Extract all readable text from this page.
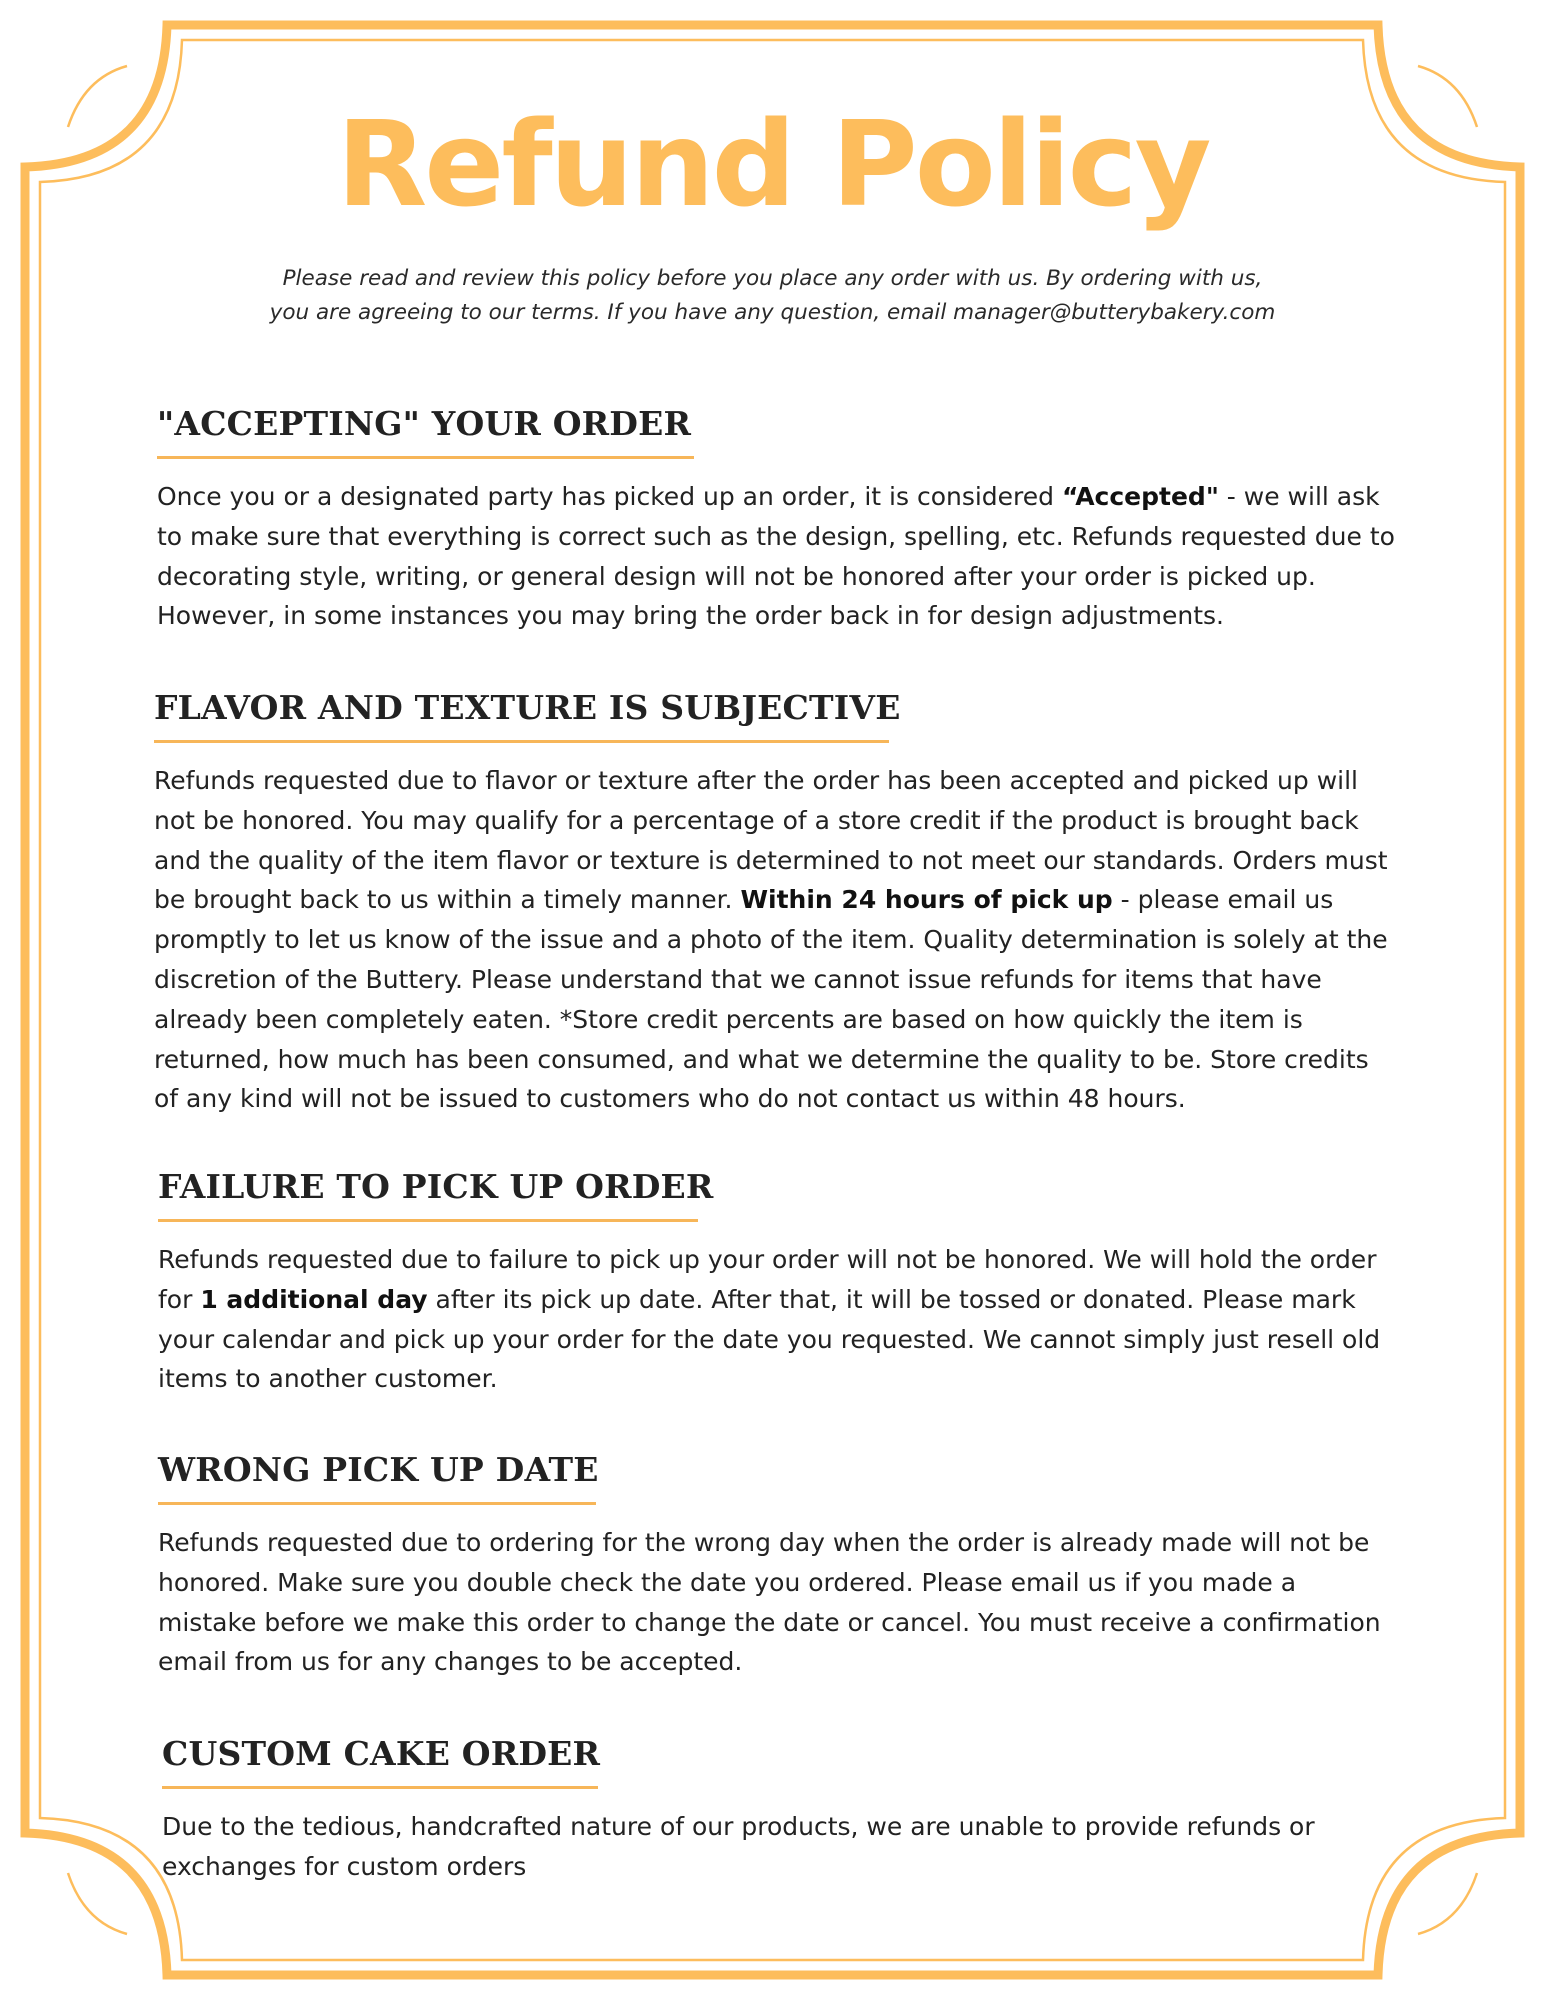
Refund Policy
Please read and review this policy before you place any order with us. By ordering with us,
you are agreeing to our terms. If you have any question, email manager@butterybakery.com
"ACCEPTING" YOUR ORDER

Once you or a designated party has picked up an order, it is considered “Accepted" - we will ask
to make sure that everything is correct such as the design, spelling, etc. Refunds requested due to
decorating style, writing, or general design will not be honored after your order is picked up.
However, in some instances you may bring the order back in for design adjustments.

FLAVOR AND TEXTURE IS SUBJECTIVE

Refunds requested due to flavor or texture after the order has been accepted and picked up will
not be honored. You may qualify for a percentage of a store credit if the product is brought back
and the quality of the item flavor or texture is determined to not meet our standards. Orders must
be brought back to us within a timely manner. Within 24 hours of pick up - please email us
promptly to let us know of the issue and a photo of the item. Quality determination is solely at the
discretion of the Buttery. Please understand that we cannot issue refunds for items that have
already been completely eaten. *Store credit percents are based on how quickly the item is
returned, how much has been consumed, and what we determine the quality to be. Store credits
of any kind will not be issued to customers who do not contact us within 48 hours.

FAILURE TO PICK UP ORDER

Refunds requested due to failure to pick up your order will not be honored. We will hold the order
for 1 additional day after its pick up date. After that, it will be tossed or donated. Please mark
your calendar and pick up your order for the date you requested. We cannot simply just resell old
items to another customer.

WRONG PICK UP DATE

Refunds requested due to ordering for the wrong day when the order is already made will not be
honored. Make sure you double check the date you ordered. Please email us if you made a
mistake before we make this order to change the date or cancel. You must receive a confirmation
email from us for any changes to be accepted.

CUSTOM CAKE ORDER

Due to the tedious, handcrafted nature of our products, we are unable to provide refunds or
exchanges for custom orders
